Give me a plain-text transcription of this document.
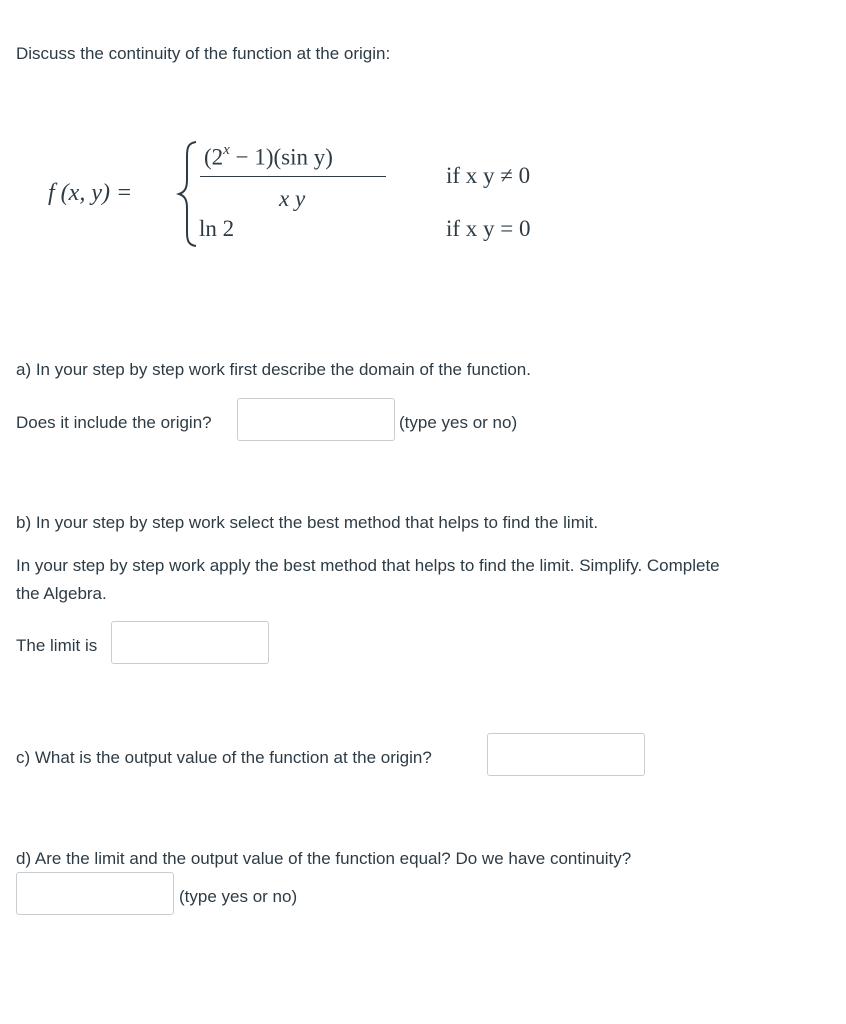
Discuss the continuity of the function at the origin:
f (x, y) =
$(2^x - 1)(\sin$ y)
x y
if x y ≠ 0
ln 2	if x y = 0
a) In your step by step work first describe the domain of the function.
Does it include the origin?	(type yes or no)
b) In your step by step work select the best method that helps to find the limit.
In your step by step work apply the best method that helps to find the limit. Simplify. Complete
the Algebra.
The limit is
c) What is the output value of the function at the origin?
d) Are the limit and the output value of the function equal? Do we have continuity?
(type yes or no)
